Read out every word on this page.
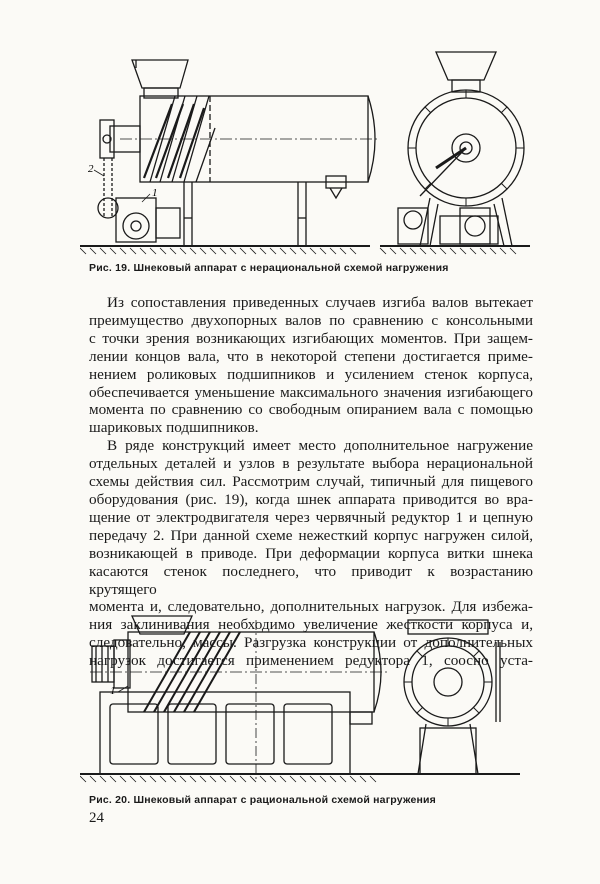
2
1
Рис. 19. Шнековый аппарат с нерациональной схемой нагружения

Из сопоставления приведенных случаев изгиба валов вытекает
преимущество двухопорных валов по сравнению с консольными
с точки зрения возникающих изгибающих моментов. При защем-
лении концов вала, что в некоторой степени достигается приме-
нением роликовых подшипников и усилением стенок корпуса,
обеспечивается уменьшение максимального значения изгибающего
момента по сравнению со свободным опиранием вала с помощью
шариковых подшипников.

В ряде конструкций имеет место дополнительное нагружение
отдельных деталей и узлов в результате выбора нерациональной
схемы действия сил. Рассмотрим случай, типичный для пищевого
оборудования (рис. 19), когда шнек аппарата приводится во вра-
щение от электродвигателя через червячный редуктор 1 и цепную
передачу 2. При данной схеме нежесткий корпус нагружен силой,
возникающей в приводе. При деформации корпуса витки шнека
касаются стенок последнего, что приводит к возрастанию крутящего
момента и, следовательно, дополнительных нагрузок. Для избежа-
ния заклинивания необходимо увеличение жесткости корпуса и,
следовательно, массы. Разгрузка конструкции от дополнительных
нагрузок достигается применением редуктора 1, соосно уста-

1
Рис. 20. Шнековый аппарат с рациональной схемой нагружения
24
